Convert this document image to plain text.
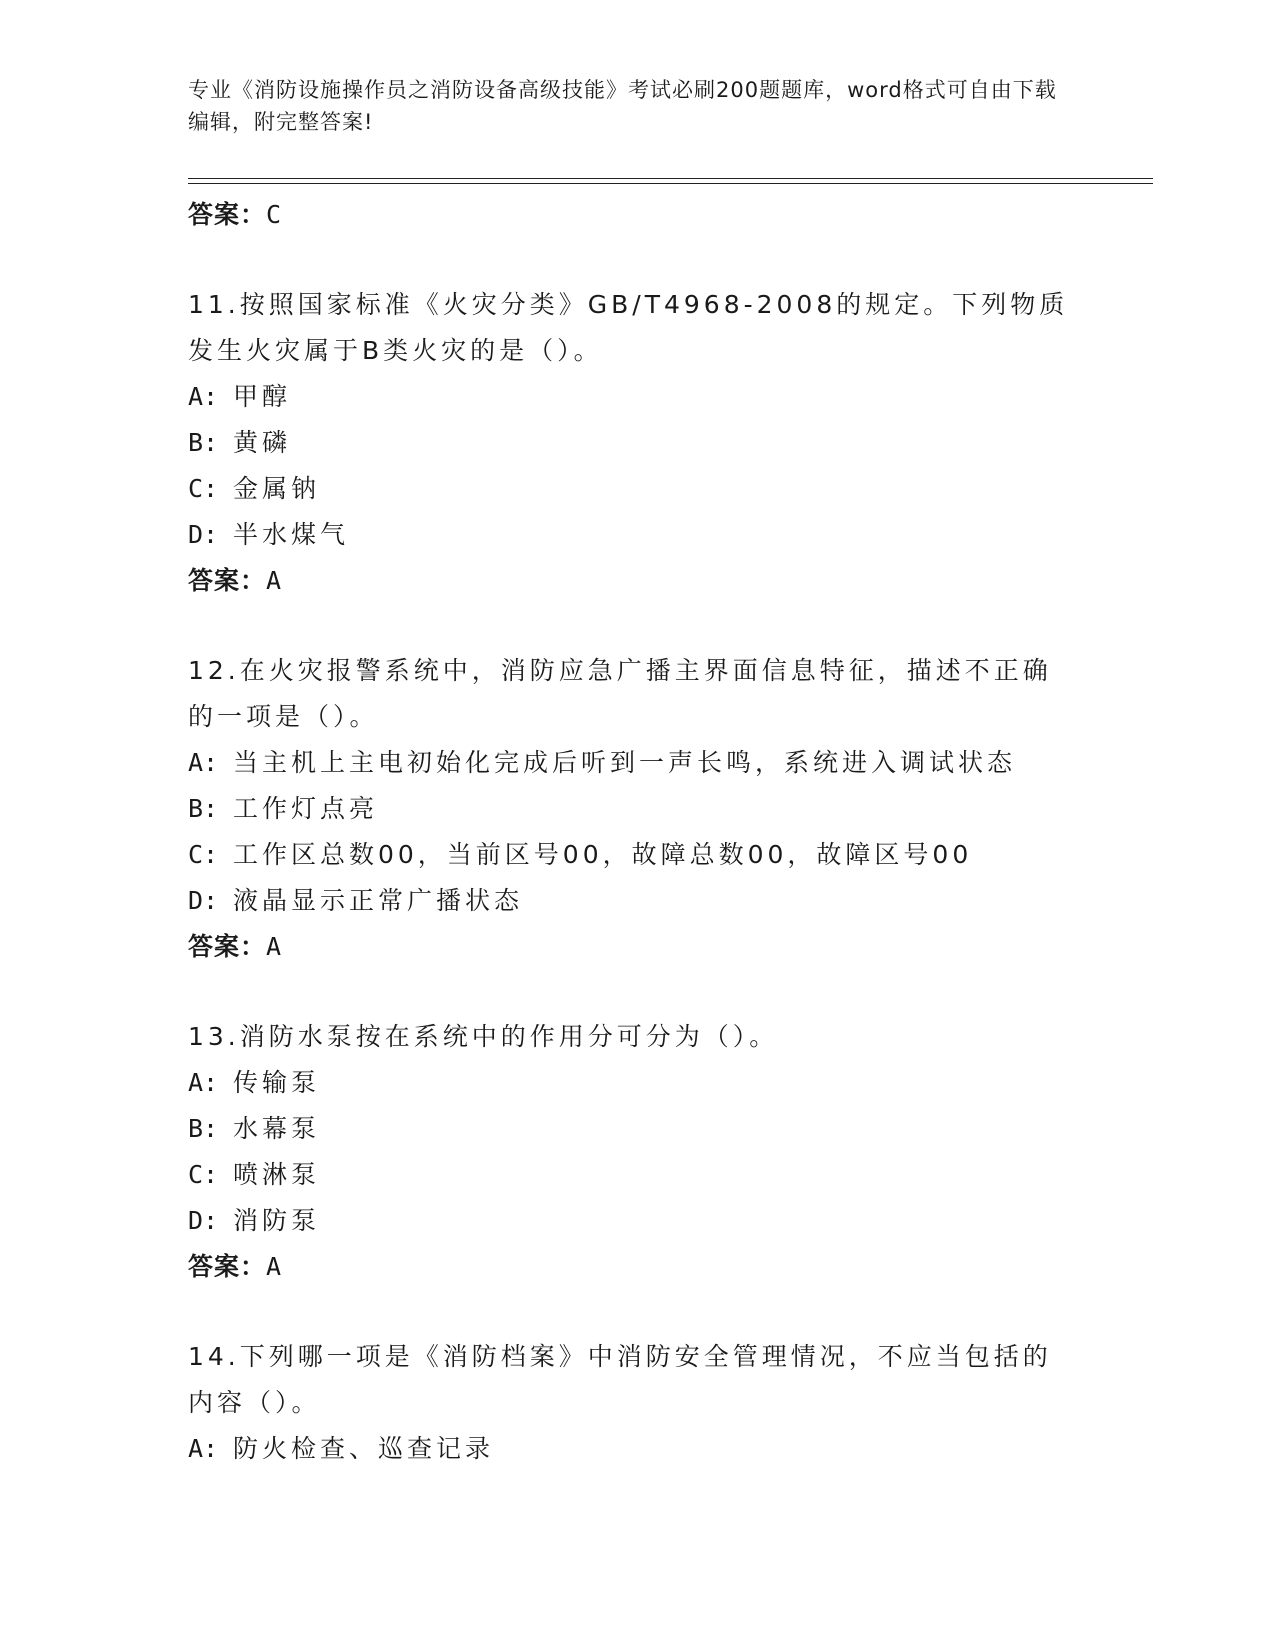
专业《消防设施操作员之消防设备高级技能》考试必刷200题题库，word格式可自由下载编辑，附完整答案!
答案：C
11.按照国家标准《火灾分类》GB/T4968-2008的规定。下列物质发生火灾属于B类火灾的是（）。
A: 甲醇
B: 黄磷
C: 金属钠
D: 半水煤气
答案：A
12.在火灾报警系统中，消防应急广播主界面信息特征，描述不正确的一项是（）。
A: 当主机上主电初始化完成后听到一声长鸣，系统进入调试状态
B: 工作灯点亮
C: 工作区总数00，当前区号00，故障总数00，故障区号00
D: 液晶显示正常广播状态
答案：A
13.消防水泵按在系统中的作用分可分为（）。
A: 传输泵
B: 水幕泵
C: 喷淋泵
D: 消防泵
答案：A
14.下列哪一项是《消防档案》中消防安全管理情况，不应当包括的内容（）。
A: 防火检查、巡查记录
